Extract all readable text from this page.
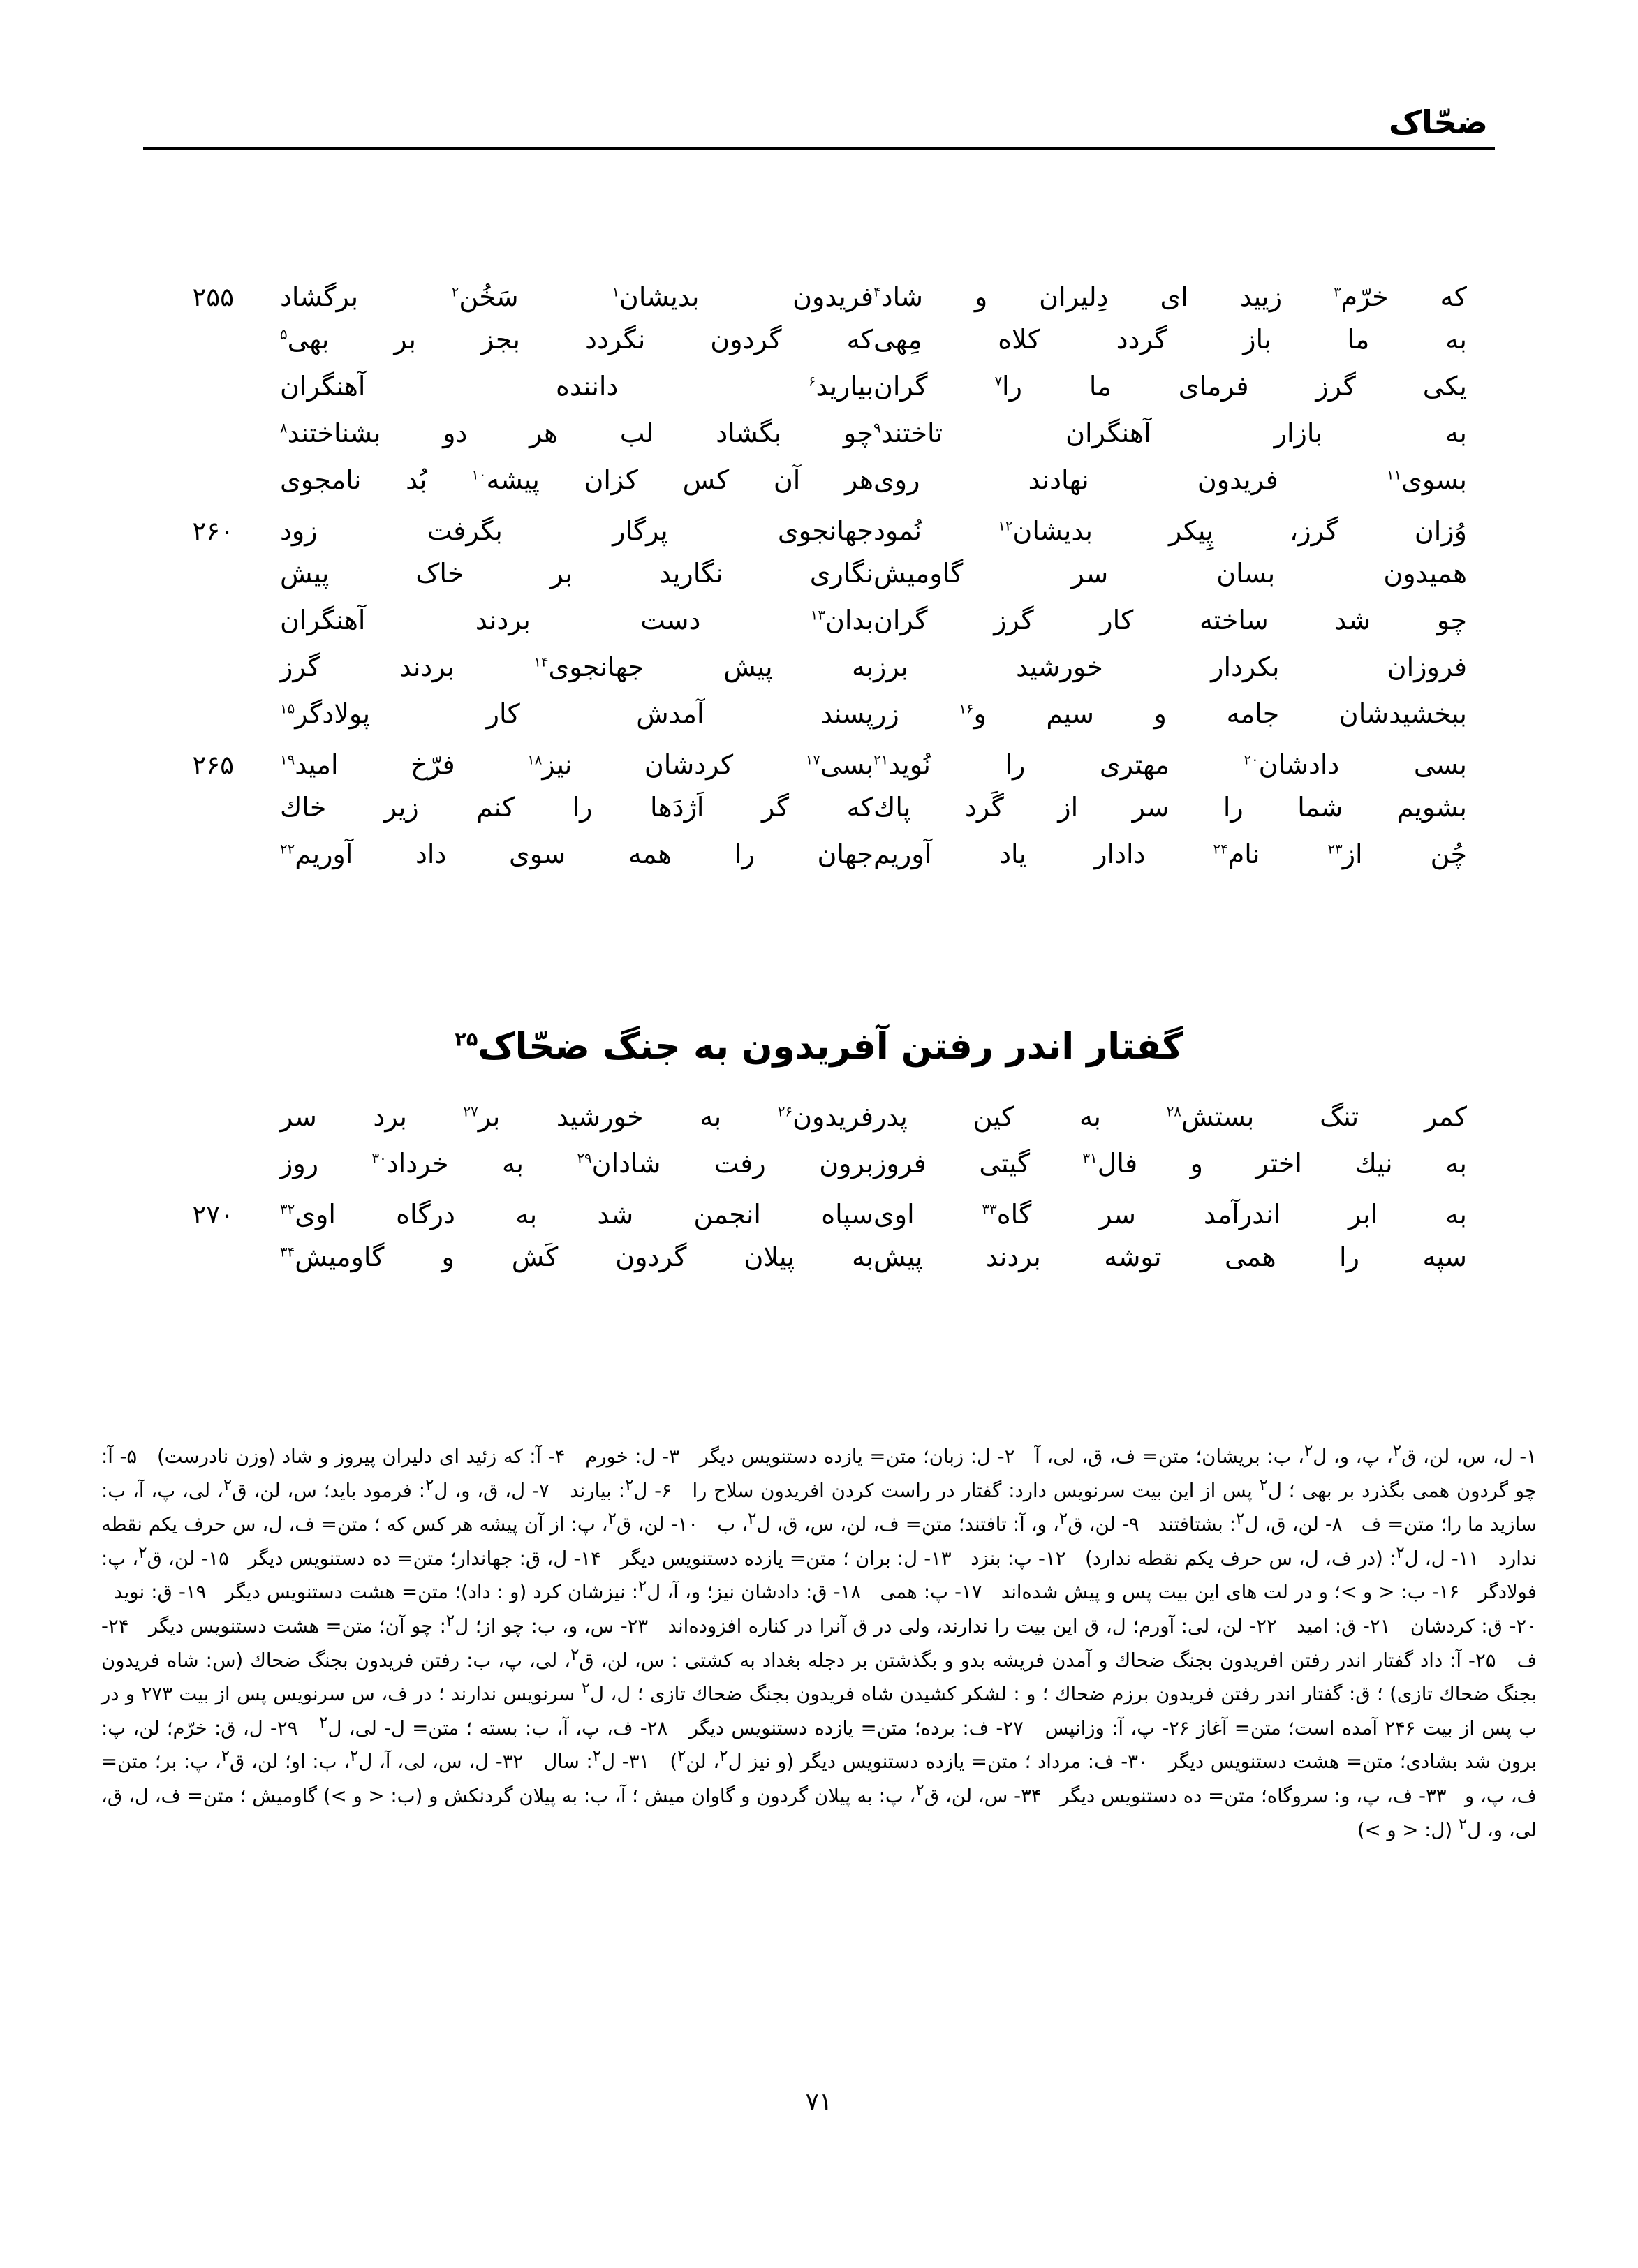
ضحّاک
که خرّم$^۳$ زیید ای دِلیران و شاد$^۴$
فریدون بدیشان$^۱$ سَخُن$^۲$ برگشاد
۲۵۵
به ما باز گردد کلاه مِهی
که گردون نگردد بجز بر بهی$^۵$
یکی گرز فرمای ما را$^۷$ گران
بیارید$^۶$ داننده آهنگران
به بازار آهنگران تاختند$^۹$
چو بگشاد لب هر دو بشناختند$^۸$
بسوی$^{۱۱}$ فریدون نهادند روی
هر آن کس کزان پیشه$^{۱۰}$ بُد نامجوی
وُزان گرز، پِیکر بدیشان$^{۱۲}$ نُمود
جهانجوی پرگار بگرفت زود
۲۶۰
همیدون بسان سر گاومیش
نگاری نگارید بر خاک پیش
چو شد ساخته کار گرز گران
بدان$^{۱۳}$ دست بردند آهنگران
فروزان بکردار خورشید برز
به پیش جهانجوی$^{۱۴}$ بردند گرز
ببخشیدشان جامه و سیم و$^{۱۶}$ زر
پسند آمدش کار پولادگر$^{۱۵}$
بسی دادشان$^{۲۰}$ مهتری را نُوید$^{۲۱}$
بسی$^{۱۷}$ کردشان نیز$^{۱۸}$ فرّخ امید$^{۱۹}$
۲۶۵
بشویم شما را سر از گَرد پاك
که گر اَژدَها را کنم زیر خاك
چُن از$^{۲۳}$ نام$^{۲۴}$ دادار یاد آوریم
جهان را همه سوی داد آوریم$^{۲۲}$
گفتار اندر رفتن آفریدون به جنگ ضحّاک$^{۲۵}$
کمر تنگ بستش$^{۲۸}$ به کین پدر
فریدون$^{۲۶}$ به خورشید بر$^{۲۷}$ برد سر
به نیك اختر و فال$^{۳۱}$ گیتی فروز
برون رفت شادان$^{۲۹}$ به خرداد$^{۳۰}$ روز
به ابر اندرآمد سر گاه$^{۳۳}$ اوی
سپاه انجمن شد به درگاه اوی$^{۳۲}$
۲۷۰
سپه را همی توشه بردند پیش
به پیلان گردون كَش و گاومیش$^{۳۴}$
۱- ل، س، لن، ق$^۲$، پ، و، ل$^۲$، ب: بریشان؛ متن= ف، ق، لی، آ   ۲- ل: زبان؛ متن= یازده دستنویس دیگر   ۳- ل: خورم   ۴- آ: که زئید ای دلیران پیروز و شاد (وزن نادرست)   ۵- آ: چو گردون همی بگذرد بر بهی ؛ ل$^۲$ پس از این بیت سرنویس دارد: گفتار در راست کردن افریدون سلاح را   ۶- ل$^۲$: بیارند   ۷- ل، ق، و، ل$^۲$: فرمود باید؛ س، لن، ق$^۲$، لی، پ، آ، ب: سازید ما را؛ متن= ف   ۸- لن، ق، ل$^۲$: بشتافتند   ۹- لن، ق$^۲$، و، آ: تافتند؛ متن= ف، لن، س، ق، ل$^۲$، ب   ۱۰- لن، ق$^۲$، پ: از آن پیشه هر کس که ؛ متن= ف، ل، س حرف یكم نقطه ندارد   ۱۱- ل، ل$^۲$: (در ف، ل، س حرف یكم نقطه ندارد)   ۱۲- پ: بنزد   ۱۳- ل: بران ؛ متن= یازده دستنویس دیگر   ۱۴- ل، ق: جهاندار؛ متن= ده دستنویس دیگر   ۱۵- لن، ق$^۲$، پ: فولادگر   ۱۶- ب: < و >؛ و در لت های این بیت پس و پیش شده‌اند   ۱۷- پ: همی   ۱۸- ق: دادشان نیز؛ و، آ، ل$^۲$: نیزشان کرد (و : داد)؛ متن= هشت دستنویس دیگر   ۱۹- ق: نوید   ۲۰- ق: کردشان   ۲۱- ق: امید   ۲۲- لن، لی: آورم؛ ل، ق این بیت را ندارند، ولی در ق آنرا در کناره افزوده‌اند   ۲۳- س، و، ب: چو از؛ ل$^۲$: چو آن؛ متن= هشت دستنویس دیگر   ۲۴- ف   ۲۵- آ: داد گفتار اندر رفتن افریدون بجنگ ضحاك و آمدن فریشه بدو و بگذشتن بر دجله بغداد به کشتی : س، لن، ق$^۲$، لی، پ، ب: رفتن فریدون بجنگ ضحاك (س: شاه فریدون بجنگ ضحاك تازی) ؛ ق: گفتار اندر رفتن فریدون برزم ضحاك ؛ و : لشکر کشیدن شاه فریدون بجنگ ضحاك تازی ؛ ل، ل$^۲$ سرنویس ندارند ؛ در ف، س سرنویس پس از بیت ۲۷۳ و در ب پس از بیت ۲۴۶ آمده است؛ متن= آغاز ۲۶- پ، آ: وزانپس   ۲۷- ف: برده؛ متن= یازده دستنویس دیگر   ۲۸- ف، پ، آ، ب: بسته ؛ متن= ل- لی، ل$^۲$   ۲۹- ل، ق: خرّم؛ لن، پ: برون شد بشادی؛ متن= هشت دستنویس دیگر   ۳۰- ف: مرداد ؛ متن= یازده دستنویس دیگر (و نیز ل$^۲$، لن$^۲$)   ۳۱- ل$^۲$: سال   ۳۲- ل، س، لی، آ، ل$^۲$، ب: او؛ لن، ق$^۲$، پ: بر؛ متن= ف، پ، و   ۳۳- ف، پ، و: سروگاه؛ متن= ده دستنویس دیگر   ۳۴- س، لن، ق$^۲$، پ: به پیلان گردون و گاوان میش ؛ آ، ب: به پیلان گردنکش و (ب: < و >) گاومیش ؛ متن= ف، ل، ق، لی، و، ل$^۲$ (ل: < و >)
۷۱
